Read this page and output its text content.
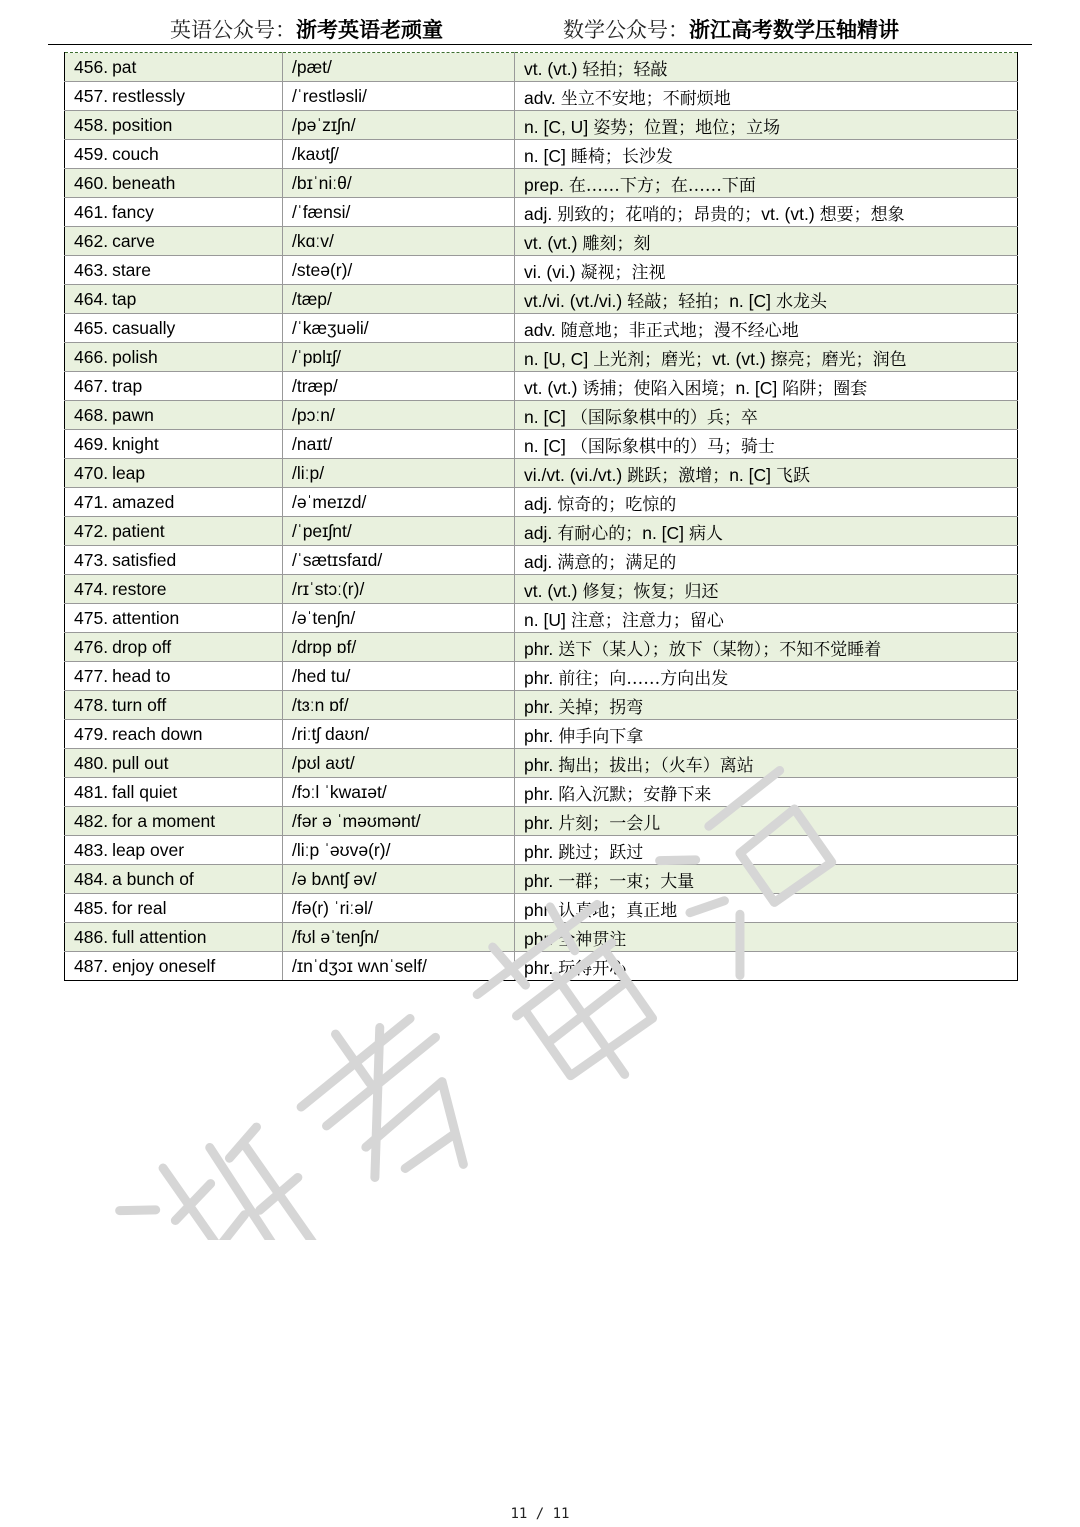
英语公众号：浙考英语老顽童	数学公众号：浙江高考数学压轴精讲
456. pat	/pæt/	vt. (vt.) 轻拍；轻敲
457. restlessly	/ˈrestləsli/	adv. 坐立不安地；不耐烦地
458. position	/pəˈzɪʃn/	n. [C, U] 姿势；位置；地位；立场
459. couch	/kaʊtʃ/	n. [C] 睡椅；长沙发
460. beneath	/bɪˈniːθ/	prep. 在……下方；在……下面
461. fancy	/ˈfænsi/	adj. 别致的；花哨的；昂贵的；vt. (vt.) 想要；想象
462. carve	/kɑːv/	vt. (vt.) 雕刻；刻
463. stare	/steə(r)/	vi. (vi.) 凝视；注视
464. tap	/tæp/	vt./vi. (vt./vi.) 轻敲；轻拍；n. [C] 水龙头
465. casually	/ˈkæʒuəli/	adv. 随意地；非正式地；漫不经心地
466. polish	/ˈpɒlɪʃ/	n. [U, C] 上光剂；磨光；vt. (vt.) 擦亮；磨光；润色
467. trap	/træp/	vt. (vt.) 诱捕；使陷入困境；n. [C] 陷阱；圈套
468. pawn	/pɔːn/	n. [C] （国际象棋中的）兵；卒
469. knight	/naɪt/	n. [C] （国际象棋中的）马；骑士
470. leap	/liːp/	vi./vt. (vi./vt.) 跳跃；激增；n. [C] 飞跃
471. amazed	/əˈmeɪzd/	adj. 惊奇的；吃惊的
472. patient	/ˈpeɪʃnt/	adj. 有耐心的；n. [C] 病人
473. satisfied	/ˈsætɪsfaɪd/	adj. 满意的；满足的
474. restore	/rɪˈstɔː(r)/	vt. (vt.) 修复；恢复；归还
475. attention	/əˈtenʃn/	n. [U] 注意；注意力；留心
476. drop off	/drɒp ɒf/	phr. 送下（某人）；放下（某物）；不知不觉睡着
477. head to	/hed tu/	phr. 前往；向……方向出发
478. turn off	/tɜːn ɒf/	phr. 关掉；拐弯
479. reach down	/riːtʃ daʊn/	phr. 伸手向下拿
480. pull out	/pʊl aʊt/	phr. 掏出；拔出；（火车）离站
481. fall quiet	/fɔːl ˈkwaɪət/	phr. 陷入沉默；安静下来
482. for a moment	/fər ə ˈməʊmənt/	phr. 片刻；一会儿
483. leap over	/liːp ˈəʊvə(r)/	phr. 跳过；跃过
484. a bunch of	/ə bʌntʃ əv/	phr. 一群；一束；大量
485. for real	/fə(r) ˈriːəl/	phr. 认真地；真正地
486. full attention	/fʊl əˈtenʃn/	phr. 全神贯注
487. enjoy oneself	/ɪnˈdʒɔɪ wʌnˈself/	phr. 玩得开心
11 / 11
